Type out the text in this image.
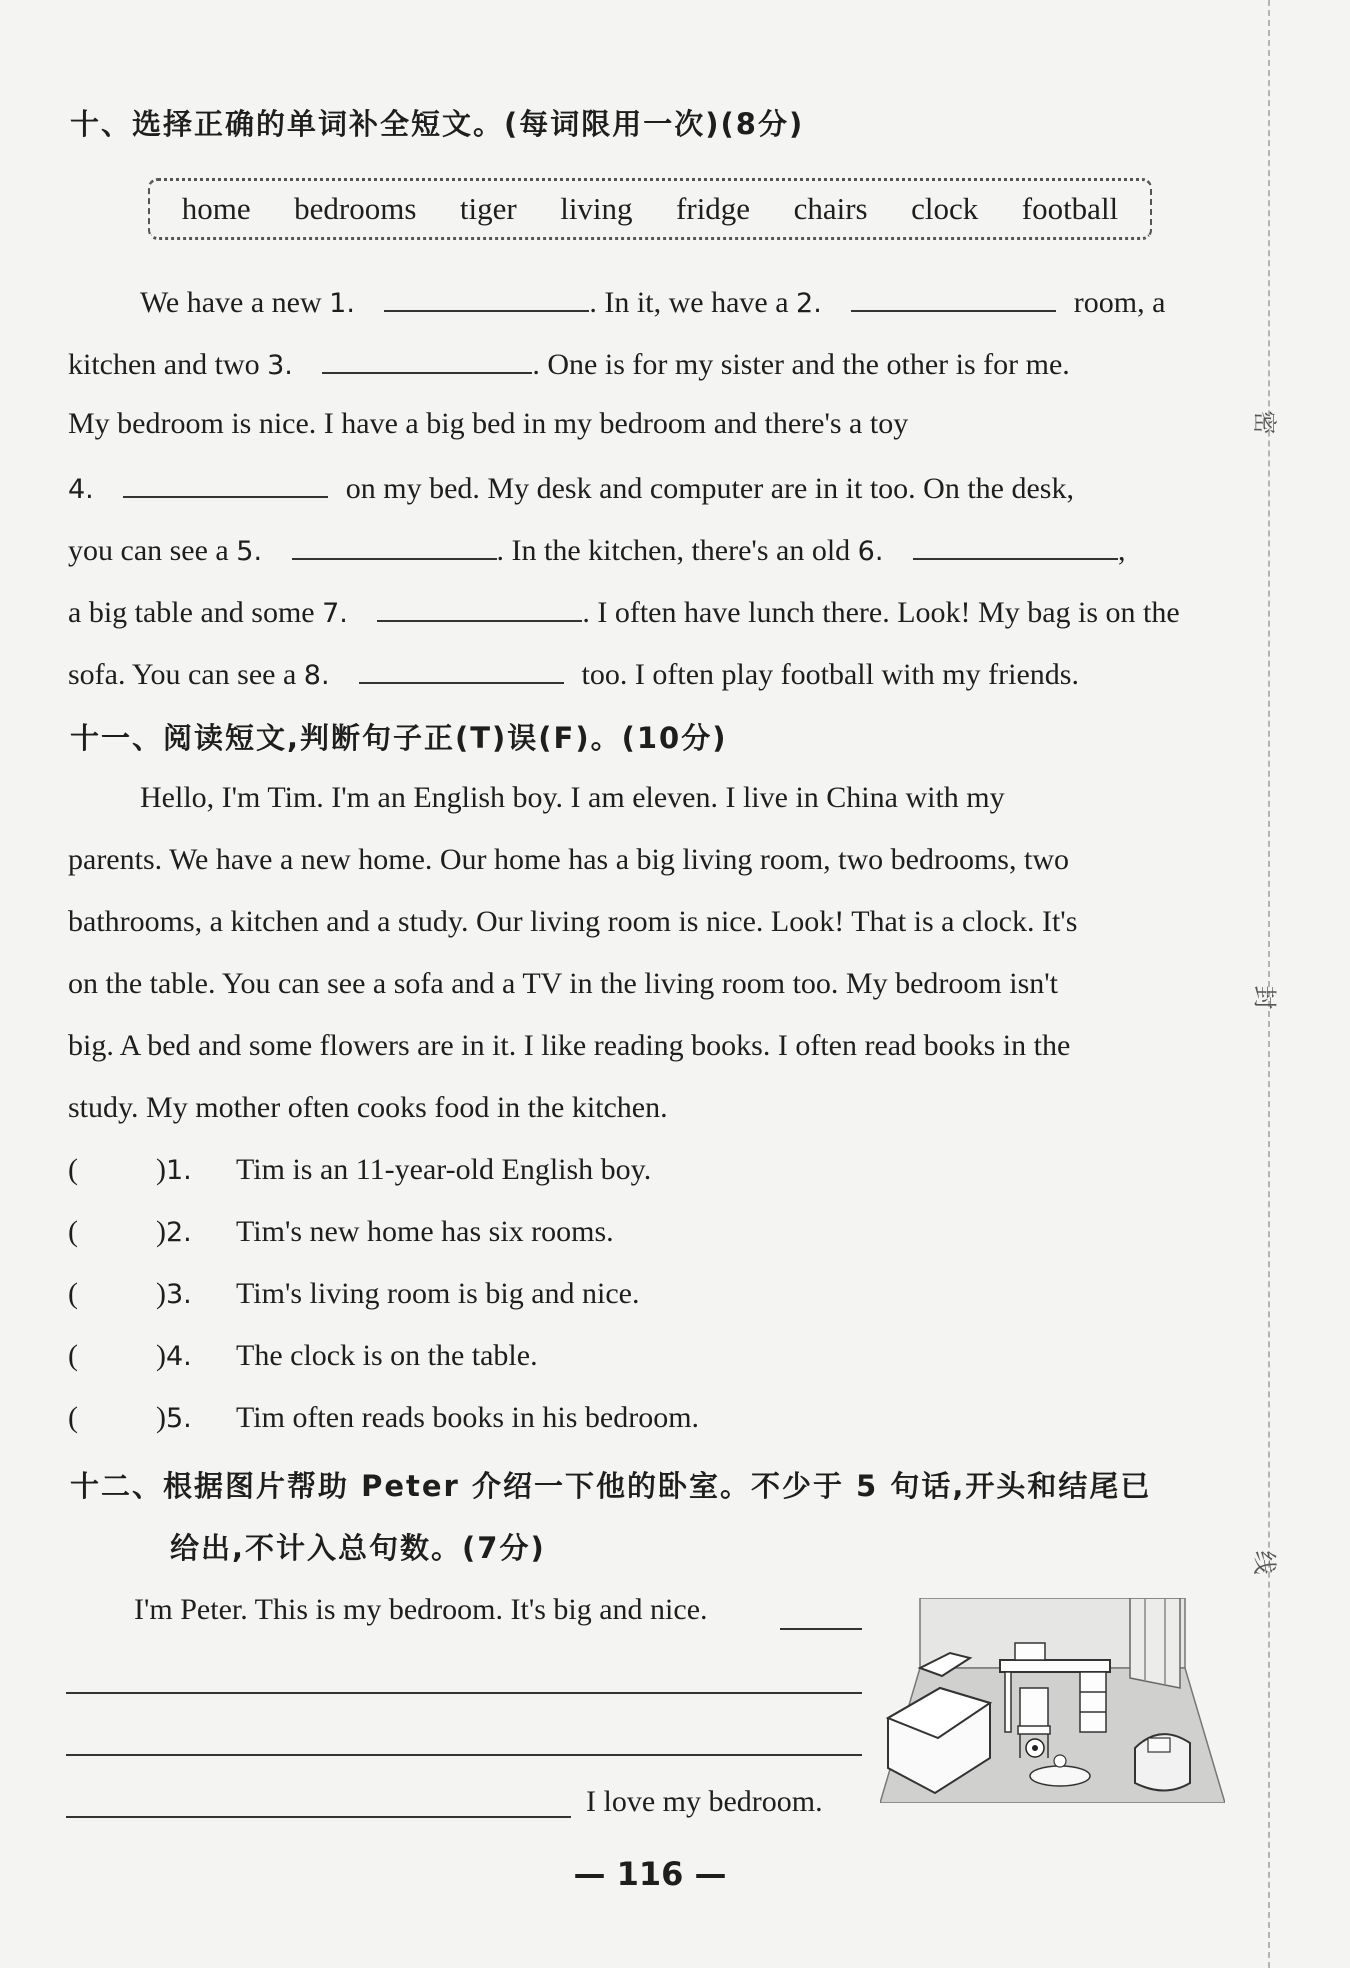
十、选择正确的单词补全短文。(每词限用一次)(8分)
home bedrooms tiger living fridge chairs clock football
We have a new 1.	. In it, we have a 2.	room, a
kitchen and two 3.	. One is for my sister and the other is for me.
My bedroom is nice. I have a big bed in my bedroom and there's a toy
4.	on my bed. My desk and computer are in it too. On the desk,
you can see a 5.	. In the kitchen, there's an old 6.	,
a big table and some 7.	. I often have lunch there. Look! My bag is on the
sofa. You can see a 8.	too. I often play football with my friends.
十一、阅读短文,判断句子正(T)误(F)。(10分)
Hello, I'm Tim. I'm an English boy. I am eleven. I live in China with my
parents. We have a new home. Our home has a big living room, two bedrooms, two
bathrooms, a kitchen and a study. Our living room is nice. Look! That is a clock. It's
on the table. You can see a sofa and a TV in the living room too. My bedroom isn't
big. A bed and some flowers are in it. I like reading books. I often read books in the
study. My mother often cooks food in the kitchen.
(	)1. Tim is an 11-year-old English boy.
(	)2. Tim's new home has six rooms.
(	)3. Tim's living room is big and nice.
(	)4. The clock is on the table.
(	)5. Tim often reads books in his bedroom.
十二、根据图片帮助 Peter 介绍一下他的卧室。不少于 5 句话,开头和结尾已
给出,不计入总句数。(7分)
I'm Peter. This is my bedroom. It's big and nice.
I love my bedroom.
密
封
线
— 116 —
